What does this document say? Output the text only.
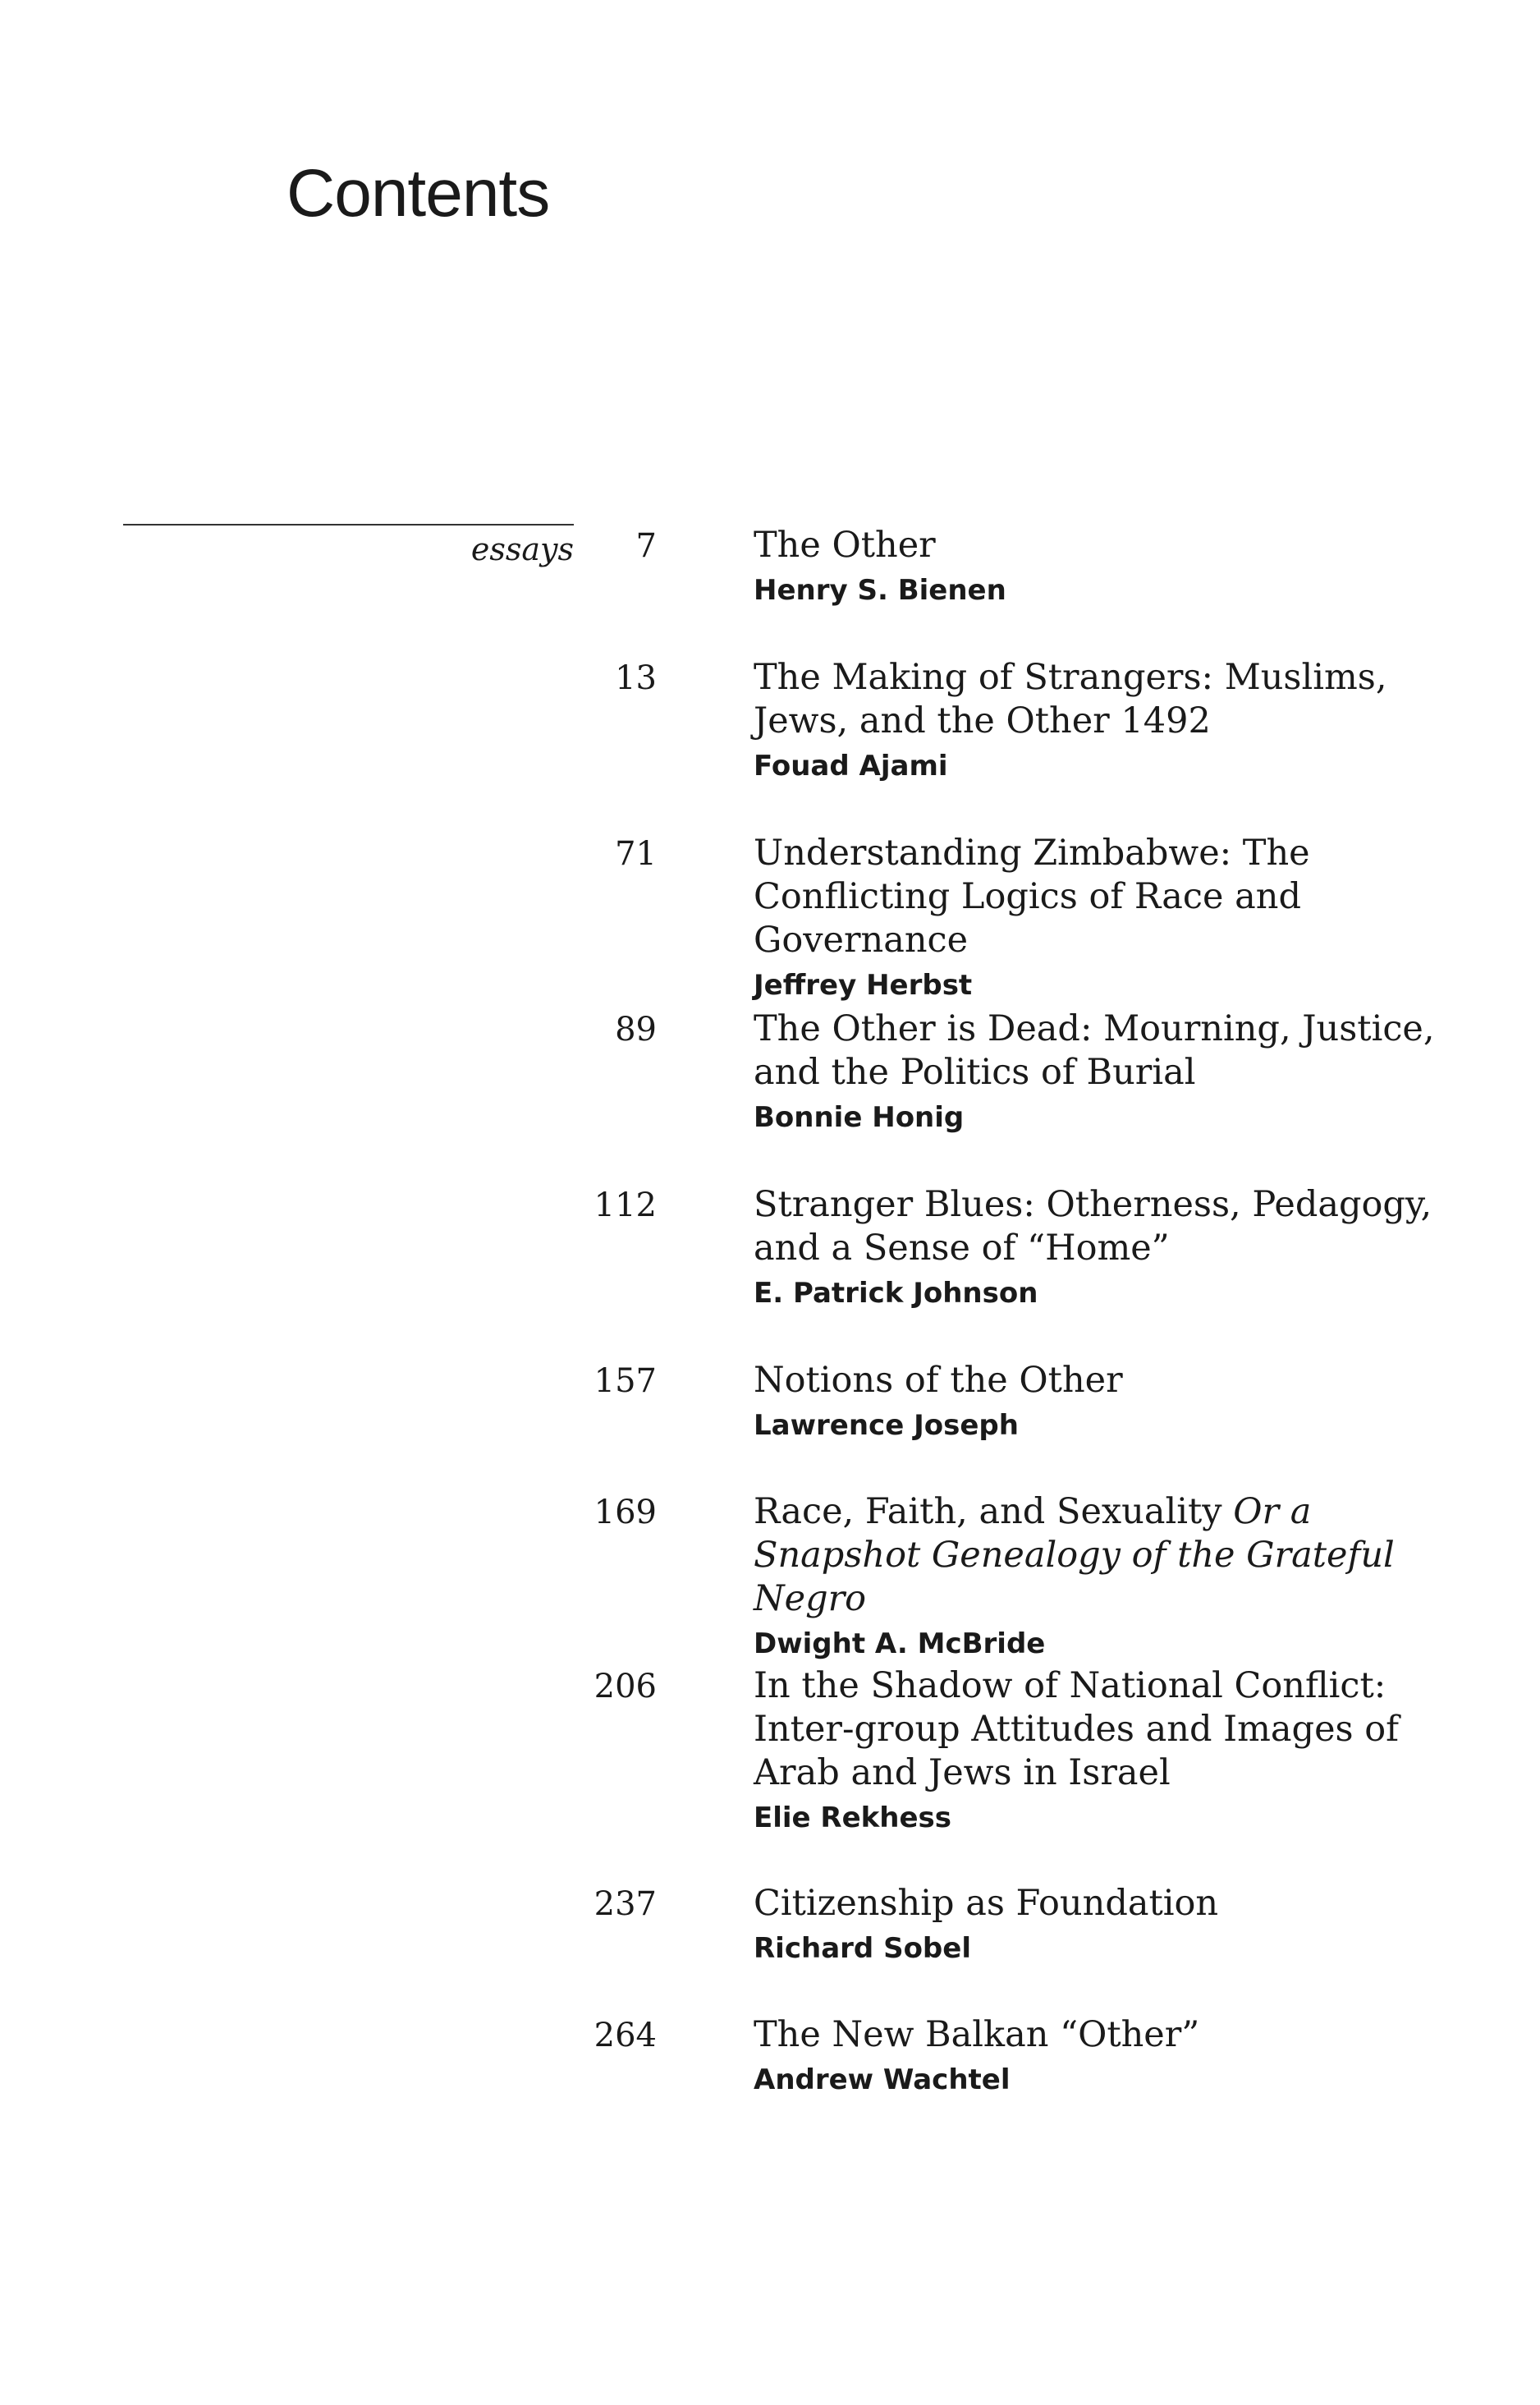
Contents
essays 7	The Other
Henry S. Bienen
13	The Making of Strangers: Muslims, Jews, and the Other 1492
Fouad Ajami
71	Understanding Zimbabwe: The Conflicting Logics of Race and Governance
Jeffrey Herbst
89	The Other is Dead: Mourning, Justice, and the Politics of Burial
Bonnie Honig
112	Stranger Blues: Otherness, Pedagogy, and a Sense of “Home”
E. Patrick Johnson
157	Notions of the Other
Lawrence Joseph
169	Race, Faith, and Sexuality Or a Snapshot Genealogy of the Grateful Negro
Dwight A. McBride
206	In the Shadow of National Conflict: Inter-group Attitudes and Images of Arab and Jews in Israel
Elie Rekhess
237	Citizenship as Foundation
Richard Sobel
264	The New Balkan “Other”
Andrew Wachtel
